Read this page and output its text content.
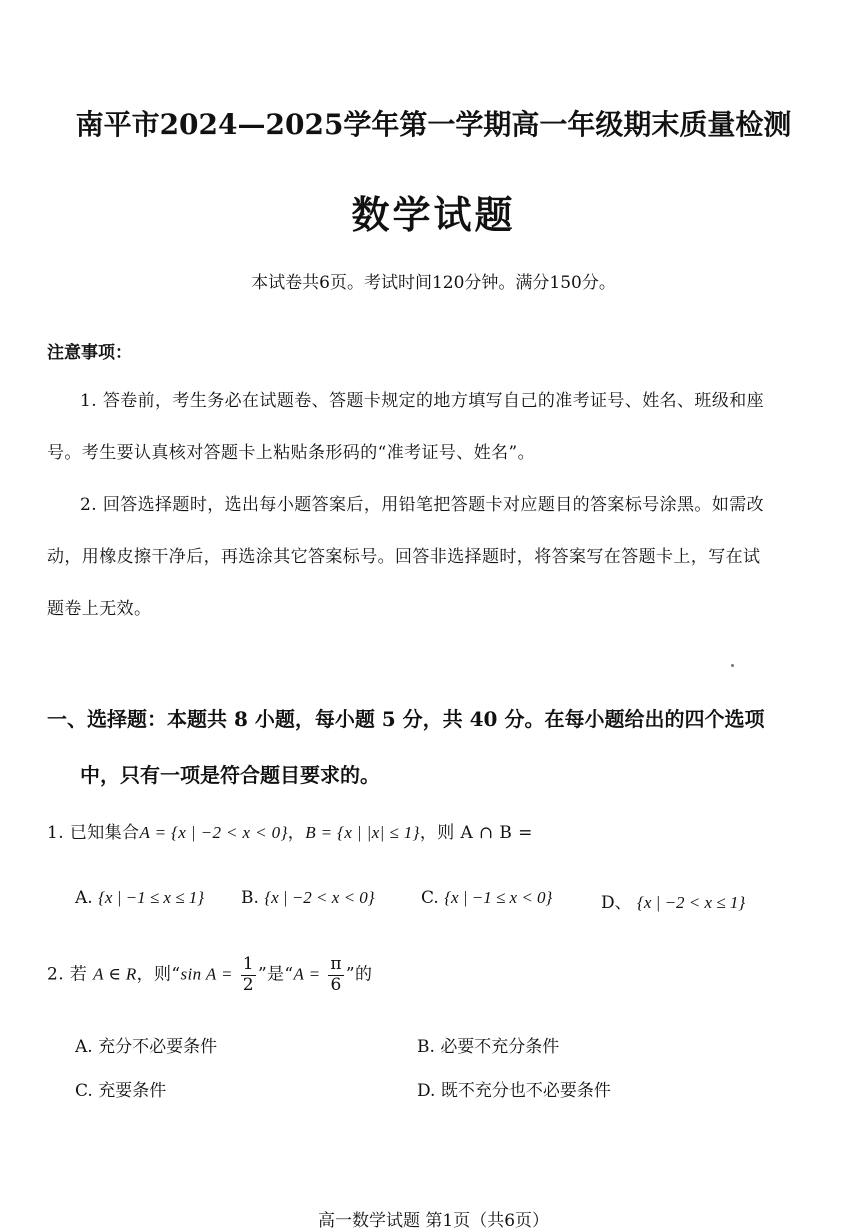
南平市2024—2025学年第一学期高一年级期末质量检测
数学试题
本试卷共6页。考试时间120分钟。满分150分。
注意事项：
1. 答卷前，考生务必在试题卷、答题卡规定的地方填写自己的准考证号、姓名、班级和座
号。考生要认真核对答题卡上粘贴条形码的“准考证号、姓名”。
2. 回答选择题时，选出每小题答案后，用铅笔把答题卡对应题目的答案标号涂黑。如需改
动，用橡皮擦干净后，再选涂其它答案标号。回答非选择题时，将答案写在答题卡上，写在试
题卷上无效。
一、选择题：本题共 8 小题，每小题 5 分，共 40 分。在每小题给出的四个选项
中，只有一项是符合题目要求的。
1. 已知集合A = {x | −2 < x < 0}，B = {x | |x| ≤ 1}，则 A ∩ B =
A. {x | −1 ≤ x ≤ 1} B. {x | −2 < x < 0}	C. {x | −1 ≤ x < 0}	D、 {x | −2 < x ≤ 1}
2. 若 A ∈ R，则“sin $A = \frac{1}{2}$ ”是“$A = \frac{\pi}{6}$ ”的
A. 充分不必要条件	B. 必要不充分条件
C. 充要条件	D. 既不充分也不必要条件
高一数学试题 第1页（共6页）
